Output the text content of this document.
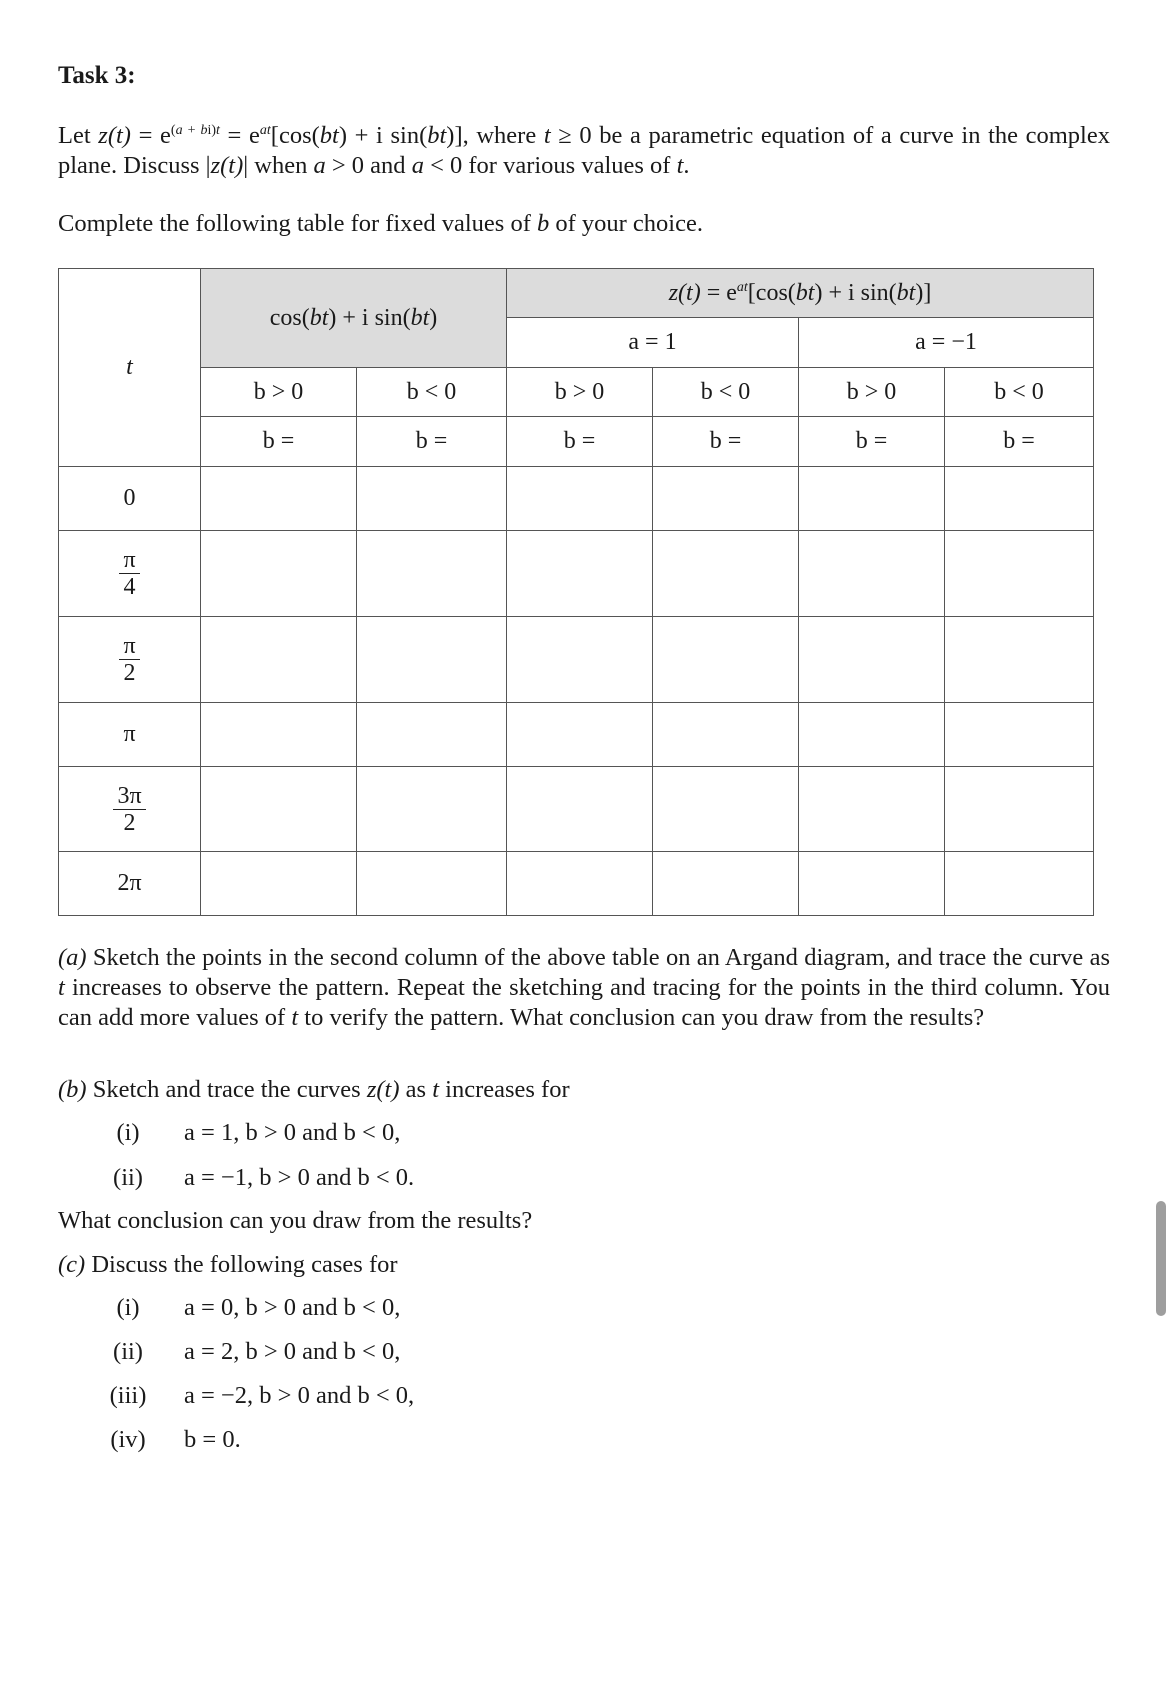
Task 3:
Let $z(t) = e^{(a + bi)t} = e^{at}[\cos(bt) + i$ sin(bt)], where t ≥ 0 be a parametric equation of a curve in the complex plane. Discuss |z(t)| when a > 0 and a < 0 for various values of t.
Complete the following table for fixed values of b of your choice.
t	cos(bt) + i sin(bt)		$z(t) = e^{at}[\cos(bt) + i$ sin(bt)]			
			a = 1		a = −1	
	b > 0	b < 0	b > 0	b < 0	b > 0	b < 0
	b =	b =	b =	b =	b =	b =
0						

$\frac{\pi}{4}$

$\frac{\pi}{2}$

π						

$\frac{3\pi}{2}$

2π						
(a) Sketch the points in the second column of the above table on an Argand diagram, and trace the curve as t increases to observe the pattern. Repeat the sketching and tracing for the points in the third column. You can add more values of t to verify the pattern. What conclusion can you draw from the results?
(b) Sketch and trace the curves z(t) as t increases for
(i)	a = 1, b > 0 and b < 0,
(ii)	a = −1, b > 0 and b < 0.
What conclusion can you draw from the results?
(c) Discuss the following cases for
(i)	a = 0, b > 0 and b < 0,
(ii)	a = 2, b > 0 and b < 0,
(iii)	a = −2, b > 0 and b < 0,
(iv)	b = 0.
